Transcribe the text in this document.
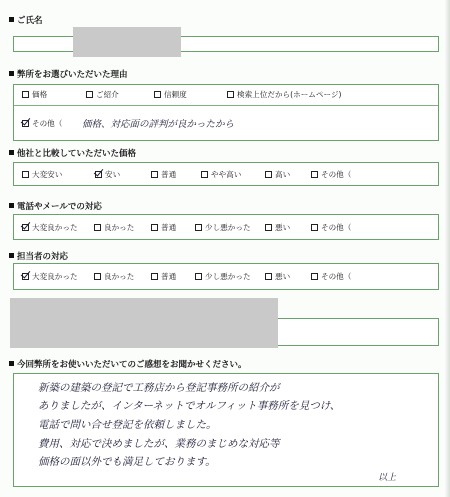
ご氏名
弊所をお選びいただいた理由
価格	ご紹介	信頼度	検索上位だから(ホームページ)
その他（ 価格、対応面の評判が良かったから
他社と比較していただいた価格
大変安い	安い	普通	やや高い	高い	その他（
電話やメールでの対応
大変良かった	良かった	普通	少し悪かった	悪い	その他（
担当者の対応
大変良かった	良かった	普通	少し悪かった	悪い	その他（
今回弊所をお使いいただいてのご感想をお聞かせください。
新築の建築の登記で工務店から登記事務所の紹介が
ありましたが、インターネットでオルフィット事務所を見つけ、
電話で問い合せ登記を依頼しました。
費用、対応で決めましたが、業務のまじめな対応等
価格の面以外でも満足しております。
以上
